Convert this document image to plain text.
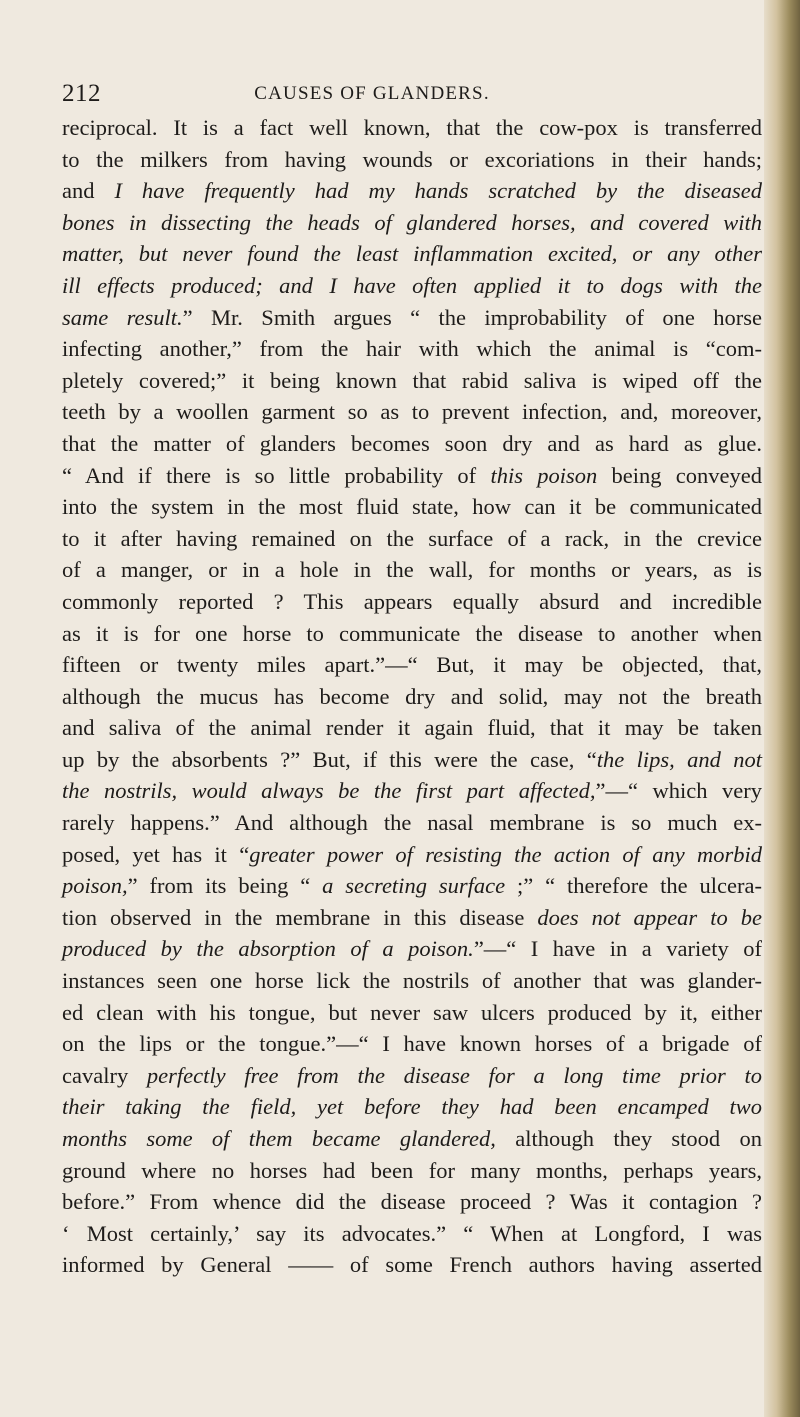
212	CAUSES OF GLANDERS.
reciprocal. It is a fact well known, that the cow-pox is transferred
to the milkers from having wounds or excoriations in their hands;
and I have frequently had my hands scratched by the diseased
bones in dissecting the heads of glandered horses, and covered with
matter, but never found the least inflammation excited, or any other
ill effects produced; and I have often applied it to dogs with the
same result.” Mr. Smith argues “ the improbability of one horse
infecting another,” from the hair with which the animal is “com-
pletely covered;” it being known that rabid saliva is wiped off the
teeth by a woollen garment so as to prevent infection, and, moreover,
that the matter of glanders becomes soon dry and as hard as glue.
“ And if there is so little probability of this poison being conveyed
into the system in the most fluid state, how can it be communicated
to it after having remained on the surface of a rack, in the crevice
of a manger, or in a hole in the wall, for months or years, as is
commonly reported ? This appears equally absurd and incredible
as it is for one horse to communicate the disease to another when
fifteen or twenty miles apart.”—“ But, it may be objected, that,
although the mucus has become dry and solid, may not the breath
and saliva of the animal render it again fluid, that it may be taken
up by the absorbents ?” But, if this were the case, “the lips, and not
the nostrils, would always be the first part affected,”—“ which very
rarely happens.” And although the nasal membrane is so much ex-
posed, yet has it “greater power of resisting the action of any morbid
poison,” from its being “ a secreting surface ;” “ therefore the ulcera-
tion observed in the membrane in this disease does not appear to be
produced by the absorption of a poison.”—“ I have in a variety of
instances seen one horse lick the nostrils of another that was glander-
ed clean with his tongue, but never saw ulcers produced by it, either
on the lips or the tongue.”—“ I have known horses of a brigade of
cavalry perfectly free from the disease for a long time prior to
their taking the field, yet before they had been encamped two
months some of them became glandered, although they stood on
ground where no horses had been for many months, perhaps years,
before.” From whence did the disease proceed ? Was it contagion ?
‘ Most certainly,’ say its advocates.” “ When at Longford, I was
informed by General —— of some French authors having asserted
